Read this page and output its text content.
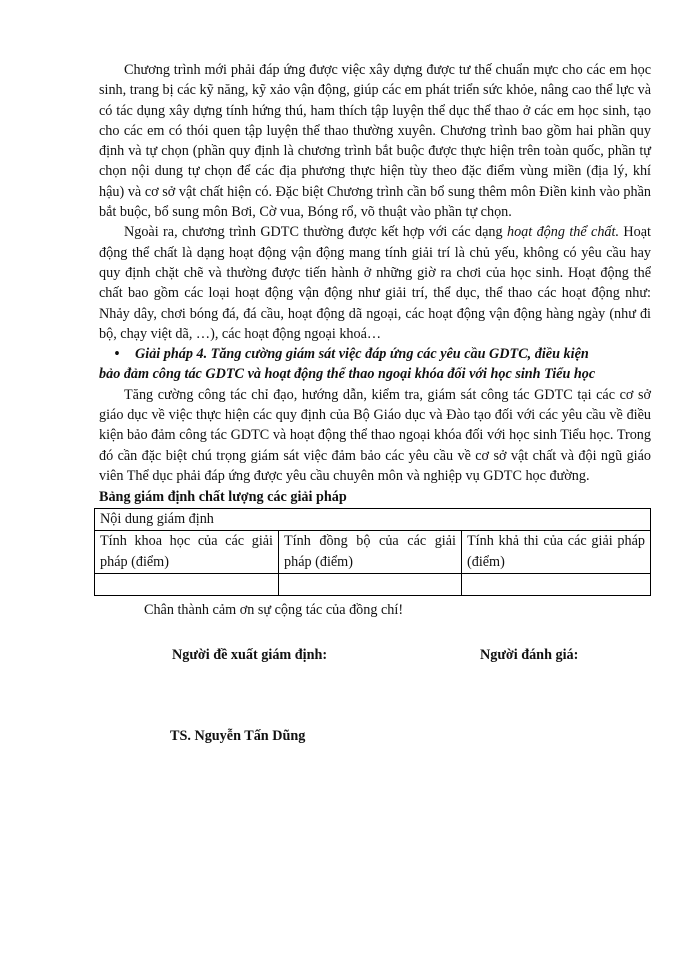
Chương trình mới phải đáp ứng được việc xây dựng được tư thế chuẩn mực cho các em học sinh, trang bị các kỹ năng, kỹ xảo vận động, giúp các em phát triển sức khỏe, nâng cao thể lực và có tác dụng xây dựng tính hứng thú, ham thích tập luyện thể dục thể thao ở các em học sinh, tạo cho các em có thói quen tập luyện thể thao thường xuyên. Chương trình bao gồm hai phần quy định và tự chọn (phần quy định là chương trình bắt buộc được thực hiện trên toàn quốc, phần tự chọn nội dung tự chọn để các địa phương thực hiện tùy theo đặc điểm vùng miền (địa lý, khí hậu) và cơ sở vật chất hiện có. Đặc biệt Chương trình cần bổ sung thêm môn Điền kinh vào phần bắt buộc, bổ sung môn Bơi, Cờ vua, Bóng rổ, võ thuật vào phần tự chọn.

Ngoài ra, chương trình GDTC thường được kết hợp với các dạng hoạt động thể chất. Hoạt động thể chất là dạng hoạt động vận động mang tính giải trí là chủ yếu, không có yêu cầu hay quy định chặt chẽ và thường được tiến hành ở những giờ ra chơi của học sinh. Hoạt động thể chất bao gồm các loại hoạt động vận động như giải trí, thể dục, thể thao các hoạt động như: Nhảy dây, chơi bóng đá, đá cầu, hoạt động dã ngoại, các hoạt động vận động hàng ngày (như đi bộ, chạy việt dã, …), các hoạt động ngoại khoá…

•	Giải pháp 4. Tăng cường giám sát việc đáp ứng các yêu cầu GDTC, điều kiện
bảo đảm công tác GDTC và hoạt động thể thao ngoại khóa đối với học sinh Tiểu học

Tăng cường công tác chỉ đạo, hướng dẫn, kiểm tra, giám sát công tác GDTC tại các cơ sở giáo dục về việc thực hiện các quy định của Bộ Giáo dục và Đào tạo đối với các yêu cầu về điều kiện bảo đảm công tác GDTC và hoạt động thể thao ngoại khóa đối với học sinh Tiểu học. Trong đó cần đặc biệt chú trọng giám sát việc đảm bảo các yêu cầu về cơ sở vật chất và đội ngũ giáo viên Thể dục phải đáp ứng được yêu cầu chuyên môn và nghiệp vụ GDTC học đường.

Bảng giám định chất lượng các giải pháp
Nội dung giám định		
Tính khoa học của các giải pháp (điểm)	Tính đồng bộ của các giải pháp (điểm)	Tính khả thi của các giải pháp (điểm)

Chân thành cảm ơn sự cộng tác của đồng chí!
Người đề xuất giám định:	Người đánh giá:
TS. Nguyễn Tấn Dũng
